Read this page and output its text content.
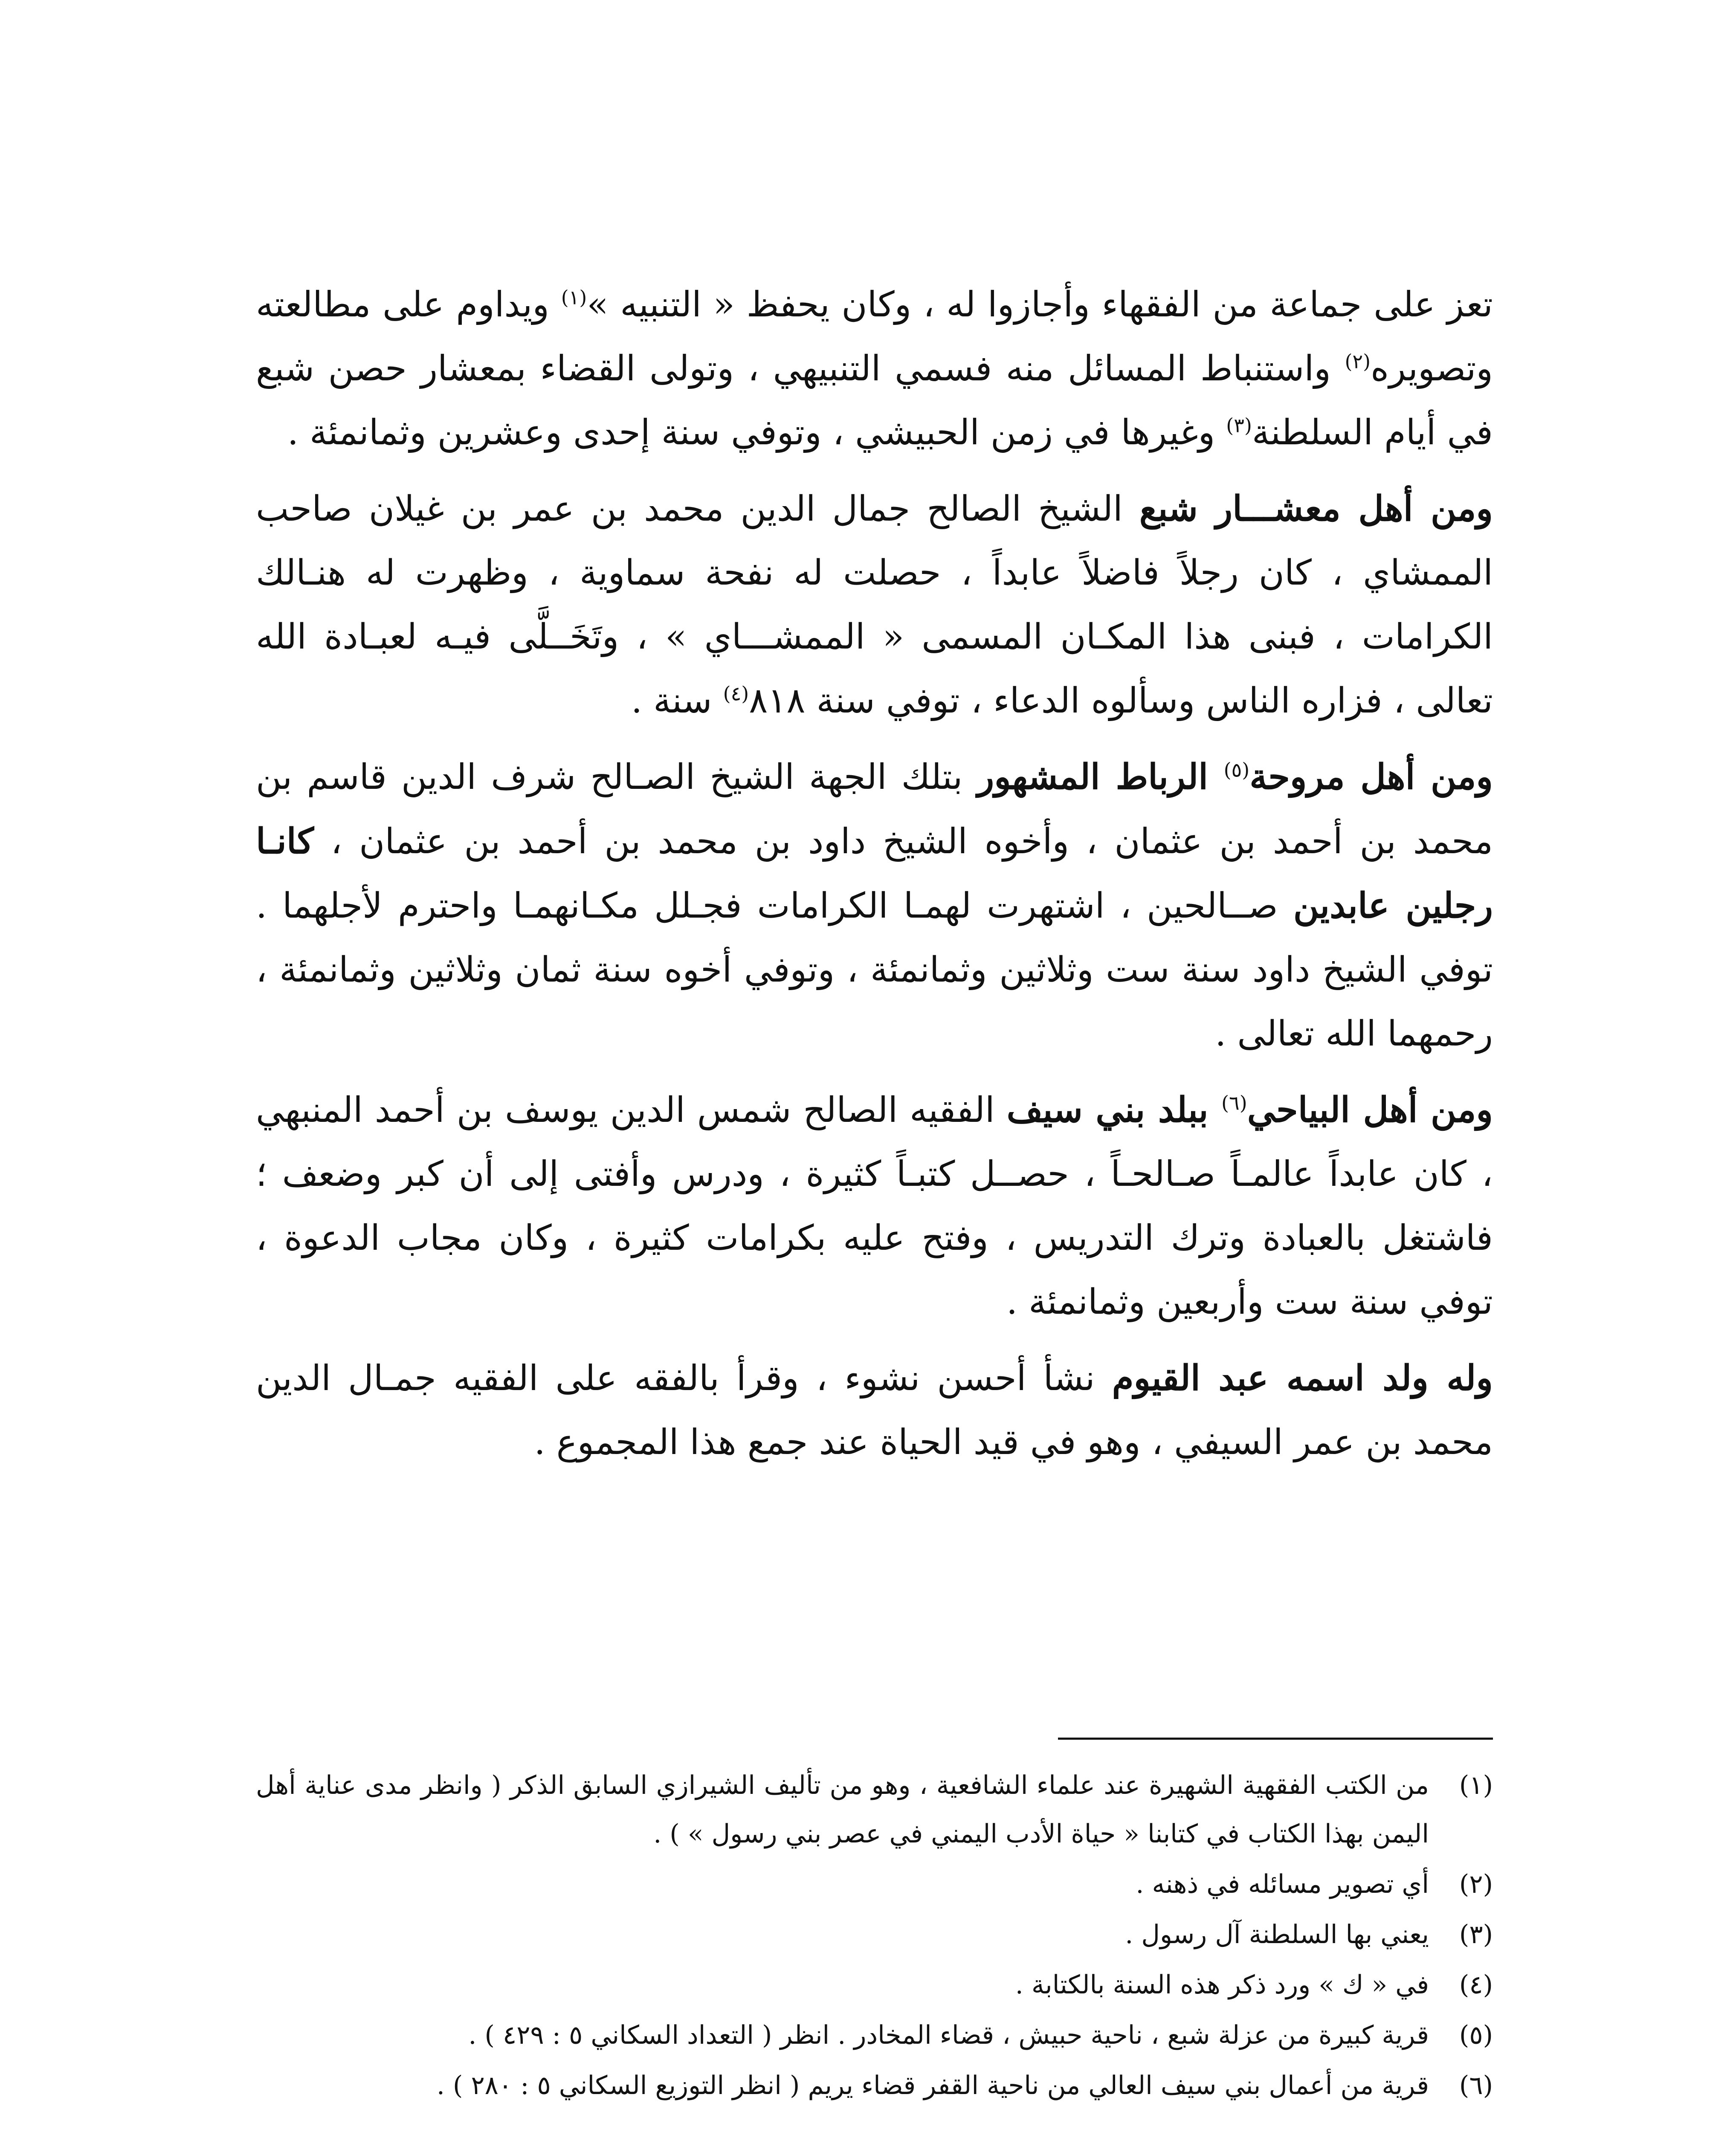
تعز على جماعة من الفقهاء وأجازوا له ، وكان يحفظ « التنبيه »$^{(١)}$ ويداوم على مطالعته وتصويره$^{(٢)}$ واستنباط المسائل منه فسمي التنبيهي ، وتولى القضاء بمعشار حصن شبع في أيام السلطنة$^{(٣)}$ وغيرها في زمن الحبيشي ، وتوفي سنة إحدى وعشرين وثمانمئة .

ومن أهل معشـــار شبع الشيخ الصالح جمال الدين محمد بن عمر بن غيلان صاحب الممشاي ، كان رجلاً فاضلاً عابداً ، حصلت له نفحة سماوية ، وظهرت له هنـالك الكرامات ، فبنى هذا المكـان المسمى « الممشـــاي » ، وتَخَــلَّى فيـه لعبـادة الله تعالى ، فزاره الناس وسألوه الدعاء ، توفي سنة ٨١٨$^{(٤)}$ سنة .

ومن أهل مروحة$^{(٥)}$ الرباط المشهور بتلك الجهة الشيخ الصـالح شرف الدين قاسم بن محمد بن أحمد بن عثمان ، وأخوه الشيخ داود بن محمد بن أحمد بن عثمان ، كانـا رجلين عابدين صــالحين ، اشتهرت لهمـا الكرامات فجـلل مكـانهمـا واحترم لأجلهما . توفي الشيخ داود سنة ست وثلاثين وثمانمئة ، وتوفي أخوه سنة ثمان وثلاثين وثمانمئة ، رحمهما الله تعالى .

ومن أهل البياحي$^{(٦)}$ ببلد بني سيف الفقيه الصالح شمس الدين يوسف بن أحمد المنبهي ، كان عابداً عالمـاً صـالحـاً ، حصــل كتبـاً كثيرة ، ودرس وأفتى إلى أن كبر وضعف ؛ فاشتغل بالعبادة وترك التدريس ، وفتح عليه بكرامات كثيرة ، وكان مجاب الدعوة ، توفي سنة ست وأربعين وثمانمئة .

وله ولد اسمه عبد القيوم نشأ أحسن نشوء ، وقرأ بالفقه على الفقيه جمـال الدين محمد بن عمر السيفي ، وهو في قيد الحياة عند جمع هذا المجموع .

(١)
من الكتب الفقهية الشهيرة عند علماء الشافعية ، وهو من تأليف الشيرازي السابق الذكر ( وانظر مدى عناية أهل اليمن بهذا الكتاب في كتابنا « حياة الأدب اليمني في عصر بني رسول » ) .
(٢)
أي تصوير مسائله في ذهنه .
(٣)
يعني بها السلطنة آل رسول .
(٤)
في « ك » ورد ذكر هذه السنة بالكتابة .
(٥)
قرية كبيرة من عزلة شبع ، ناحية حبيش ، قضاء المخادر . انظر ( التعداد السكاني ٥ : ٤٢٩ ) .
(٦)
قرية من أعمال بني سيف العالي من ناحية القفر قضاء يريم ( انظر التوزيع السكاني ٥ : ٢٨٠ ) .
